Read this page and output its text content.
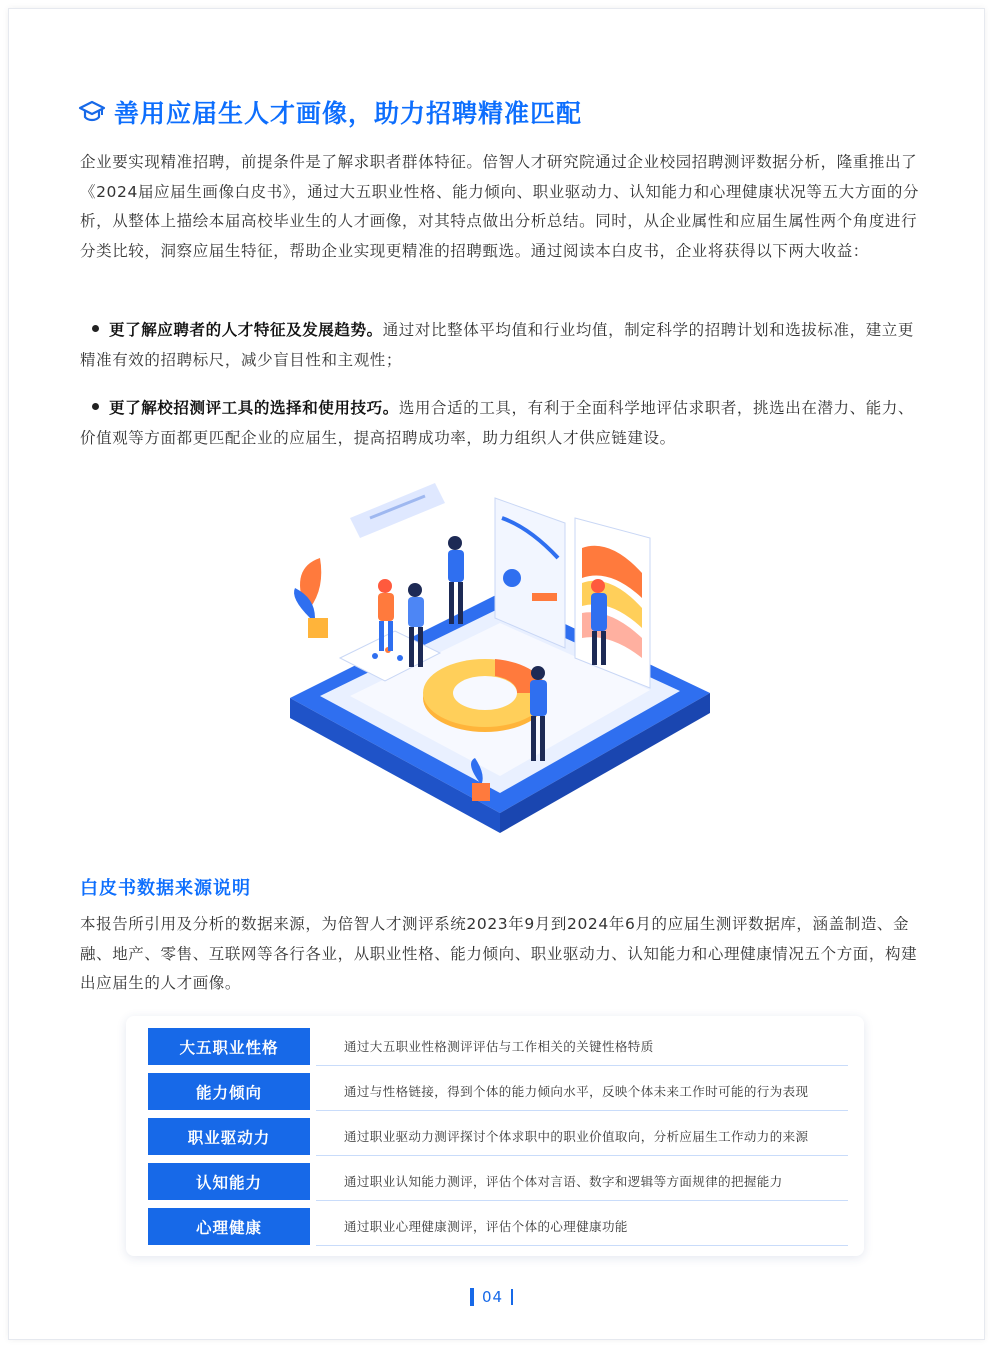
善用应届生人才画像，助力招聘精准匹配
企业要实现精准招聘，前提条件是了解求职者群体特征。倍智人才研究院通过企业校园招聘测评数据分析，隆重推出了《2024届应届生画像白皮书》，通过大五职业性格、能力倾向、职业驱动力、认知能力和心理健康状况等五大方面的分析，从整体上描绘本届高校毕业生的人才画像，对其特点做出分析总结。同时，从企业属性和应届生属性两个角度进行分类比较，洞察应届生特征，帮助企业实现更精准的招聘甄选。通过阅读本白皮书，企业将获得以下两大收益：
更了解应聘者的人才特征及发展趋势。通过对比整体平均值和行业均值，制定科学的招聘计划和选拔标准，建立更精准有效的招聘标尺，减少盲目性和主观性；
更了解校招测评工具的选择和使用技巧。选用合适的工具，有利于全面科学地评估求职者，挑选出在潜力、能力、价值观等方面都更匹配企业的应届生，提高招聘成功率，助力组织人才供应链建设。
白皮书数据来源说明
本报告所引用及分析的数据来源，为倍智人才测评系统2023年9月到2024年6月的应届生测评数据库，涵盖制造、金融、地产、零售、互联网等各行各业，从职业性格、能力倾向、职业驱动力、认知能力和心理健康情况五个方面，构建出应届生的人才画像。
大五职业性格	通过大五职业性格测评评估与工作相关的关键性格特质
能力倾向	通过与性格链接，得到个体的能力倾向水平，反映个体未来工作时可能的行为表现
职业驱动力	通过职业驱动力测评探讨个体求职中的职业价值取向，分析应届生工作动力的来源
认知能力	通过职业认知能力测评，评估个体对言语、数字和逻辑等方面规律的把握能力
心理健康	通过职业心理健康测评，评估个体的心理健康功能
04
